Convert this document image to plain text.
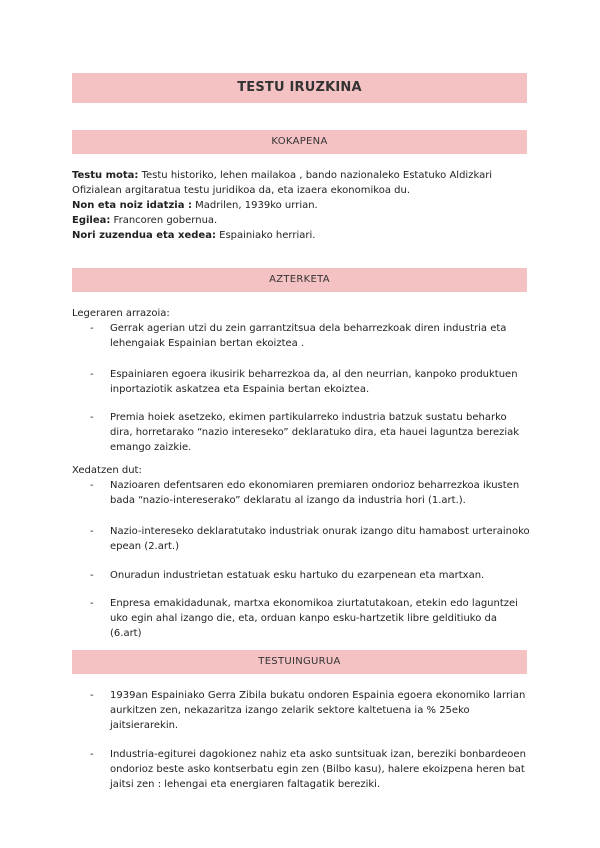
TESTU IRUZKINA
KOKAPENA
Testu mota: Testu historiko, lehen mailakoa , bando nazionaleko Estatuko Aldizkari Ofizialean argitaratua testu juridikoa da, eta izaera ekonomikoa du.
Non eta noiz idatzia : Madrilen, 1939ko urrian.
Egilea: Francoren gobernua.
Nori zuzendua eta xedea: Espainiako herriari.
AZTERKETA
Legeraren arrazoia:
- Gerrak agerian utzi du zein garrantzitsua dela beharrezkoak diren industria eta lehengaiak Espainian bertan ekoiztea .
- Espainiaren egoera ikusirik beharrezkoa da, al den neurrian, kanpoko produktuen inportaziotik askatzea eta Espainia bertan ekoiztea.
- Premia hoiek asetzeko, ekimen partikularreko industria batzuk sustatu beharko dira, horretarako “nazio intereseko” deklaratuko dira, eta hauei laguntza bereziak emango zaizkie.
Xedatzen dut:
- Nazioaren defentsaren edo ekonomiaren premiaren ondorioz beharrezkoa ikusten bada “nazio-intereserako” deklaratu al izango da industria hori (1.art.).
- Nazio-intereseko deklaratutako industriak onurak izango ditu hamabost urterainoko epean (2.art.)
- Onuradun industrietan estatuak esku hartuko du ezarpenean eta martxan.
- Enpresa emakidadunak, martxa ekonomikoa ziurtatutakoan, etekin edo laguntzei uko egin ahal izango die, eta, orduan kanpo esku-hartzetik libre gelditiuko da (6.art)
TESTUINGURUA
- 1939an Espainiako Gerra Zibila bukatu ondoren Espainia egoera ekonomiko larrian aurkitzen zen, nekazaritza izango zelarik sektore kaltetuena ia % 25eko jaitsierarekin.
- Industria-egiturei dagokionez nahiz eta asko suntsituak izan, bereziki bonbardeoen ondorioz beste asko kontserbatu egin zen (Bilbo kasu), halere ekoizpena heren bat jaitsi zen : lehengai eta energiaren faltagatik bereziki.
